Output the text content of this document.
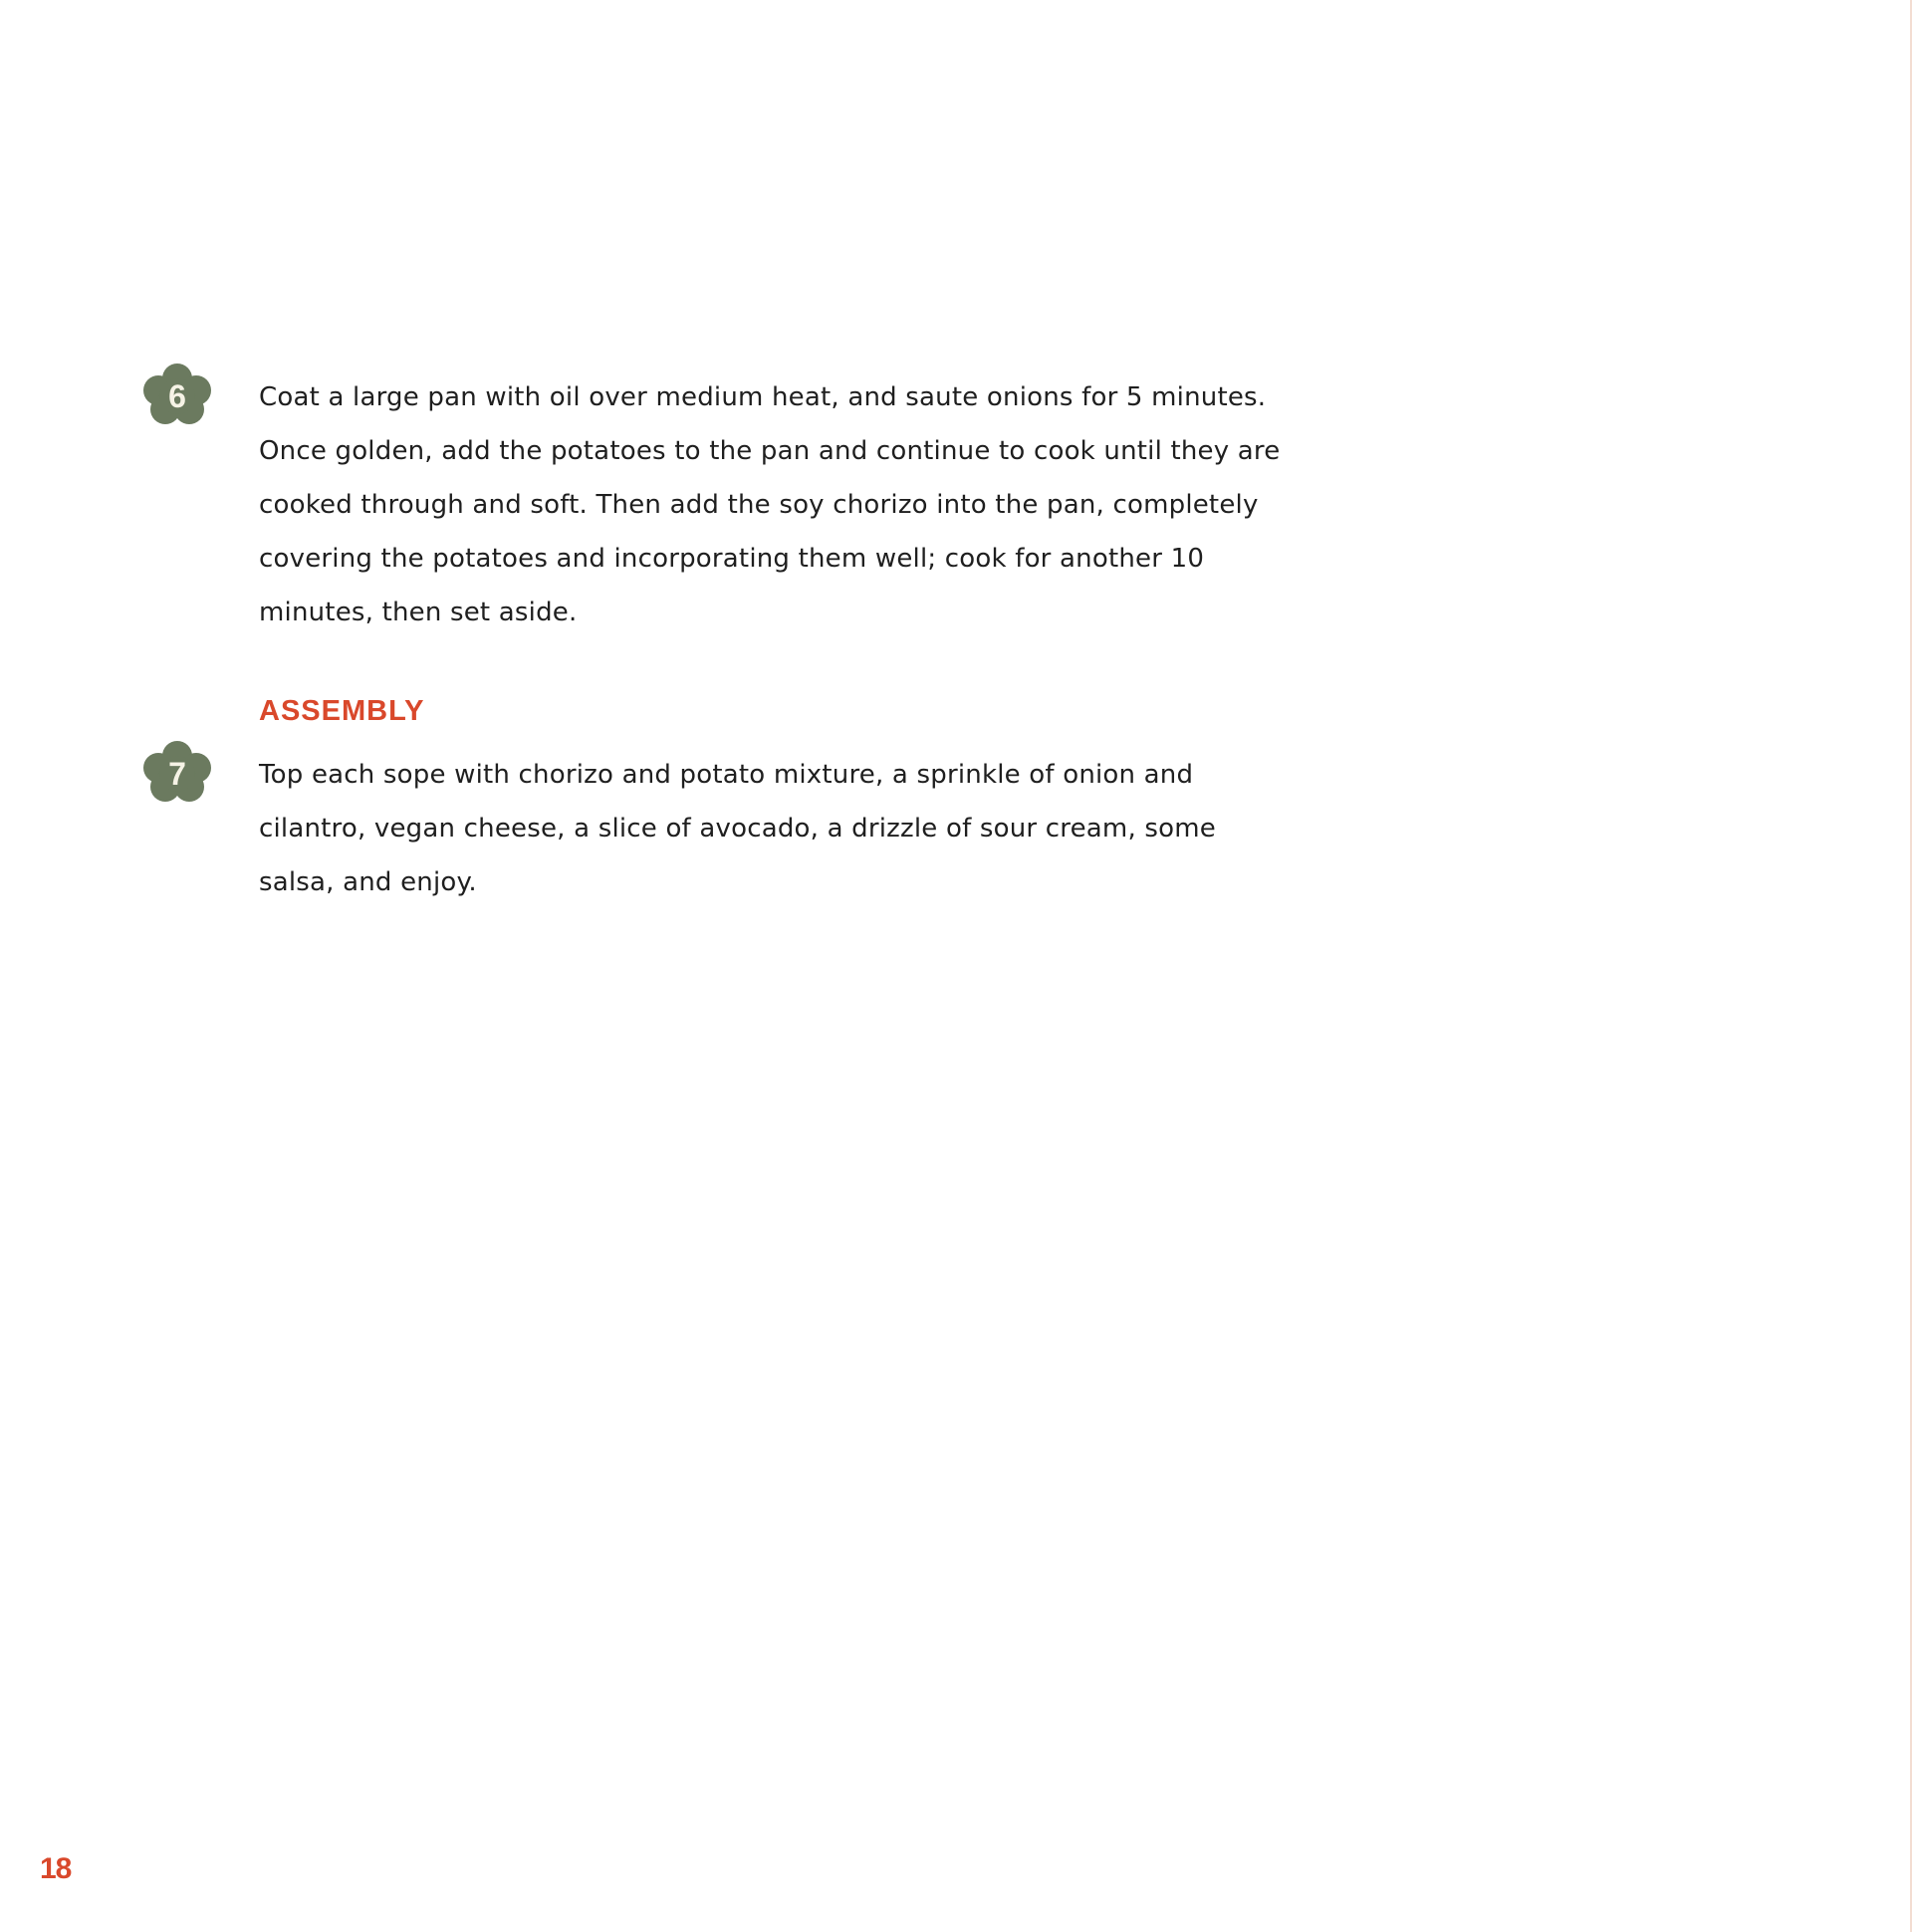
6	Coat a large pan with oil over medium heat, and saute onions for 5 minutes. Once golden, add the potatoes to the pan and continue to cook until they are cooked through and soft. Then add the soy chorizo into the pan, completely covering the potatoes and incorporating them well; cook for another 10 minutes, then set aside.

ASSEMBLY
7	Top each sope with chorizo and potato mixture, a sprinkle of onion and cilantro, vegan cheese, a slice of avocado, a drizzle of sour cream, some salsa, and enjoy.

18
